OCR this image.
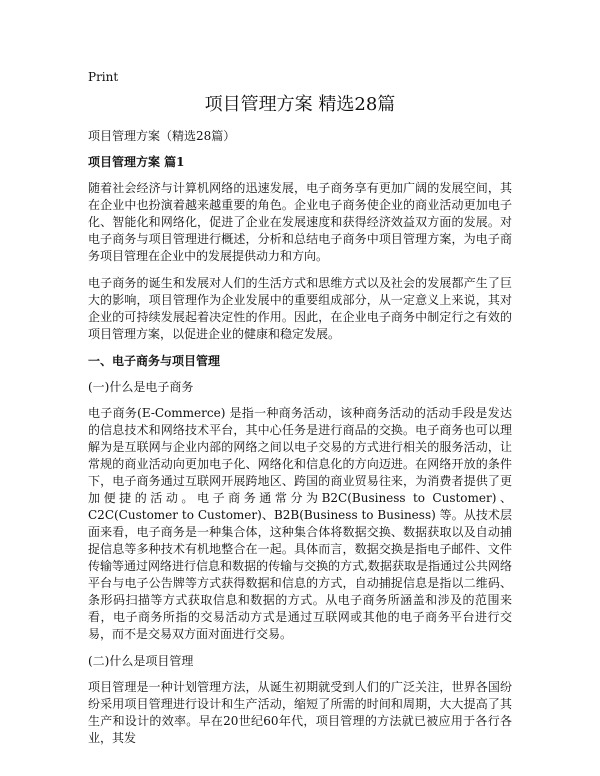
Print
项目管理方案 精选28篇

项目管理方案（精选28篇）

项目管理方案 篇1

随着社会经济与计算机网络的迅速发展，电子商务享有更加广阔的发展空间，其在企业中也扮演着越来越重要的角色。企业电子商务使企业的商业活动更加电子化、智能化和网络化，促进了企业在发展速度和获得经济效益双方面的发展。对电子商务与项目管理进行概述，分析和总结电子商务中项目管理方案，为电子商务项目管理在企业中的发展提供动力和方向。

电子商务的诞生和发展对人们的生活方式和思维方式以及社会的发展都产生了巨大的影响，项目管理作为企业发展中的重要组成部分，从一定意义上来说，其对企业的可持续发展起着决定性的作用。因此，在企业电子商务中制定行之有效的项目管理方案，以促进企业的健康和稳定发展。

一、电子商务与项目管理

(一)什么是电子商务

电子商务(E-Commerce) 是指一种商务活动，该种商务活动的活动手段是发达的信息技术和网络技术平台，其中心任务是进行商品的交换。电子商务也可以理解为是互联网与企业内部的网络之间以电子交易的方式进行相关的服务活动，让常规的商业活动向更加电子化、网络化和信息化的方向迈进。在网络开放的条件下，电子商务通过互联网开展跨地区、跨国的商业贸易往来，为消费者提供了更加便捷的活动。电子商务通常分为B2C(Business to Customer)、C2C(Customer to Customer)、B2B(Business to Business) 等。从技术层面来看，电子商务是一种集合体，这种集合体将数据交换、数据获取以及自动捕捉信息等多种技术有机地整合在一起。具体而言，数据交换是指电子邮件、文件传输等通过网络进行信息和数据的传输与交换的方式,数据获取是指通过公共网络平台与电子公告牌等方式获得数据和信息的方式，自动捕捉信息是指以二维码、条形码扫描等方式获取信息和数据的方式。从电子商务所涵盖和涉及的范围来看，电子商务所指的交易活动方式是通过互联网或其他的电子商务平台进行交易，而不是交易双方面对面进行交易。

(二)什么是项目管理

项目管理是一种计划管理方法，从诞生初期就受到人们的广泛关注，世界各国纷纷采用项目管理进行设计和生产活动，缩短了所需的时间和周期，大大提高了其生产和设计的效率。早在20世纪60年代，项目管理的方法就已被应用于各行各业，其发
